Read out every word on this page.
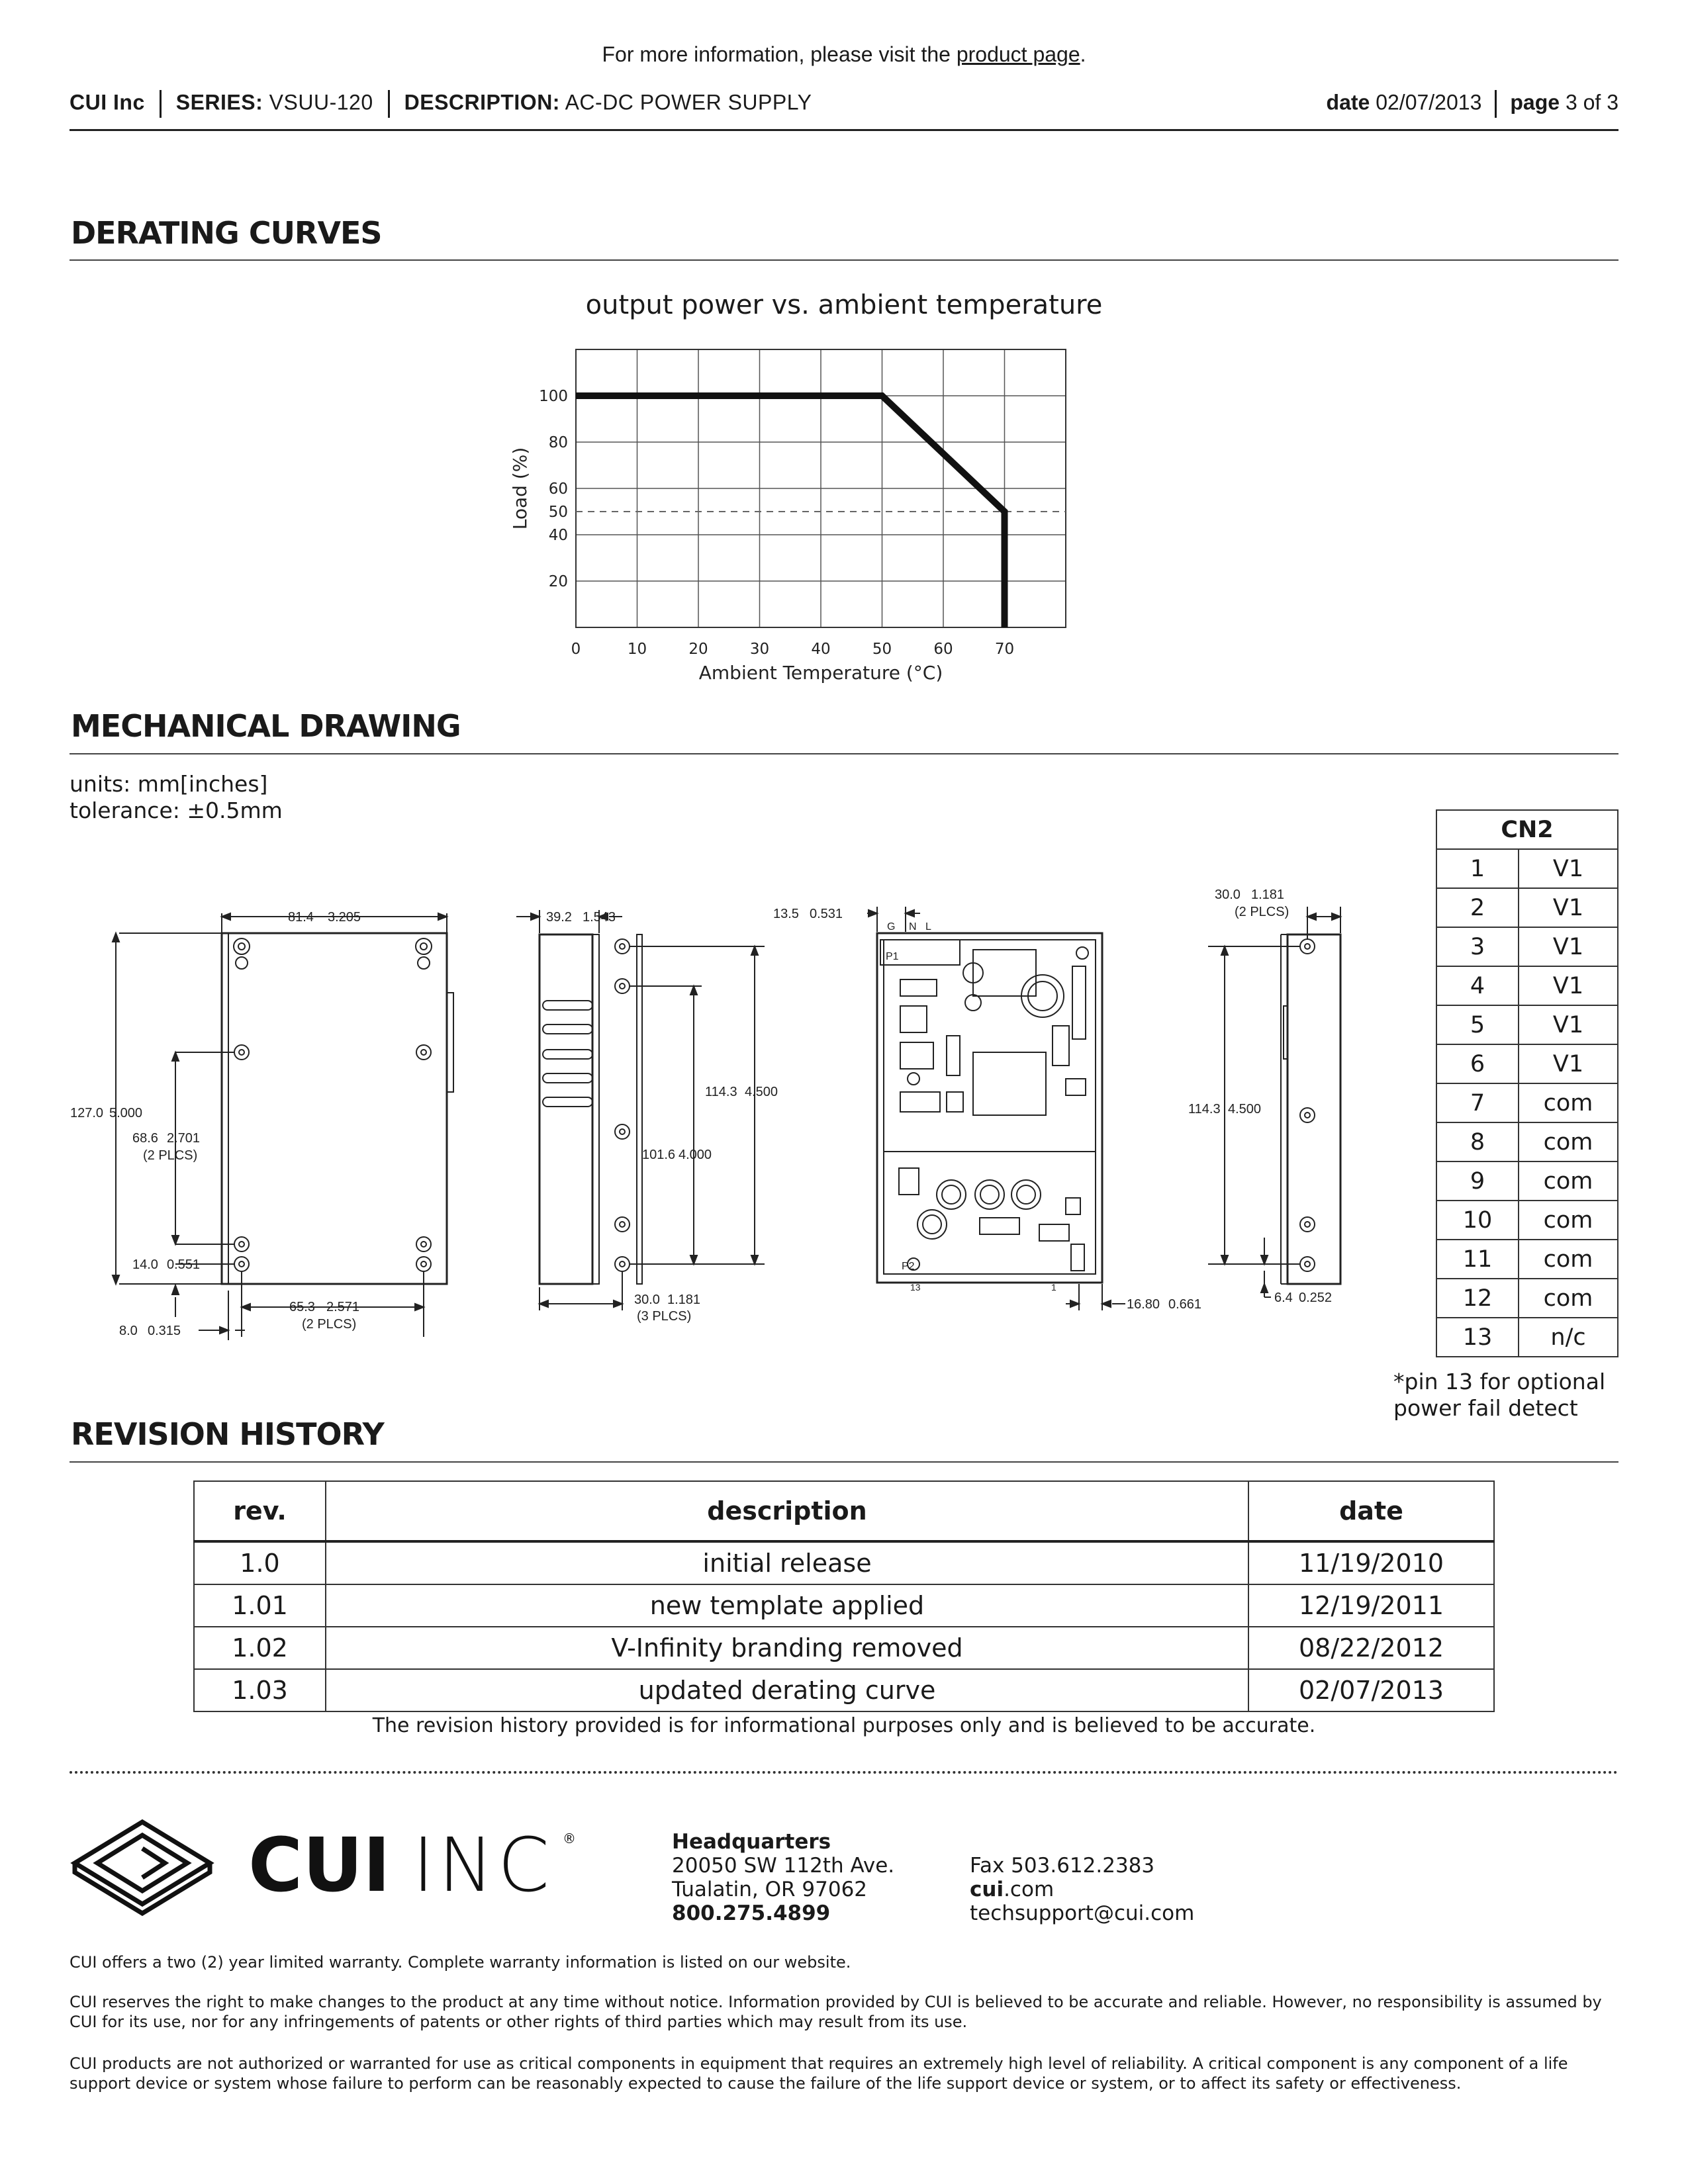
For more information, please visit the product page.
CUI Inc SERIES: VSUU-120 DESCRIPTION: AC-DC POWER SUPPLY	date 02/07/2013 page 3 of 3
DERATING CURVES
output power vs. ambient temperature
0	10	20	30	40	50	60	70
20
40
50
60
80
100
Ambient Temperature (°C)
Load (%)
MECHANICAL DRAWING
units: mm[inches]
tolerance: ±0.5mm
81.4 3.205
127.0 5.000
68.6 2.701
(2 PLCS)
14.0 0.551
65.3 2.571
(2 PLCS)
8.0 0.315
39.2 1.543
114.3 4.500
101.6 4.000
30.0 1.181
(3 PLCS)
13.5 0.531
16.80 0.661
30.0 1.181
(2 PLCS)
114.3 4.500
6.4 0.252
G N L
P1
P2
13	1
CN2	
1	V1
2	V1
3	V1
4	V1
5	V1
6	V1
7	com
8	com
9	com
10	com
11	com
12	com
13	n/c
*pin 13 for optional
power fail detect
REVISION HISTORY
rev.	description	date
1.0	initial release	11/19/2010
1.01	new template applied	12/19/2011
1.02	V-Infinity branding removed	08/22/2012
1.03	updated derating curve	02/07/2013
The revision history provided is for informational purposes only and is believed to be accurate.
CUI INC ®	Headquarters
20050 SW 112th Ave.
Tualatin, OR 97062
800.275.4899
Fax 503.612.2383
cui.com
techsupport@cui.com
CUI offers a two (2) year limited warranty. Complete warranty information is listed on our website.
CUI reserves the right to make changes to the product at any time without notice. Information provided by CUI is believed to be accurate and reliable. However, no responsibility is assumed by CUI for its use, nor for any infringements of patents or other rights of third parties which may result from its use.
CUI products are not authorized or warranted for use as critical components in equipment that requires an extremely high level of reliability. A critical component is any component of a life support device or system whose failure to perform can be reasonably expected to cause the failure of the life support device or system, or to affect its safety or effectiveness.
